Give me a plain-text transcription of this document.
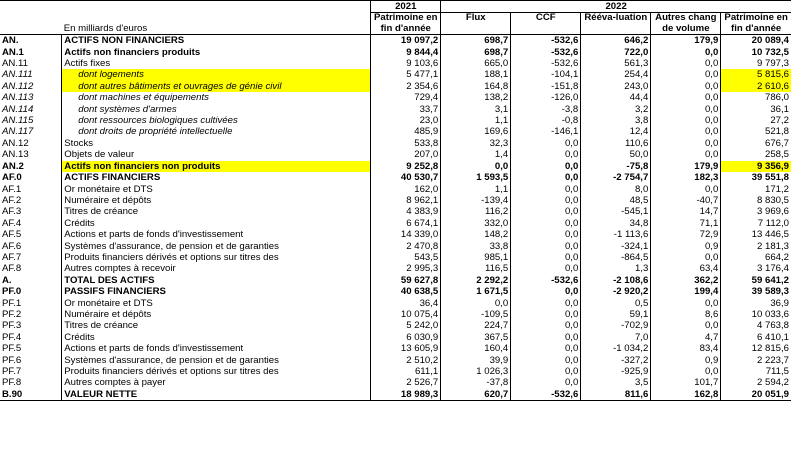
		2021	2022				
	En milliards d'euros	Patrimoine en fin d'année	Flux	CCF	Rééva-luation	Autres chang de volume	Patrimoine en fin d'année
AN.	ACTIFS NON FINANCIERS	19 097,2	698,7	-532,6	646,2	179,9	20 089,4
AN.1	Actifs non financiers produits	9 844,4	698,7	-532,6	722,0	0,0	10 732,5
AN.11	Actifs fixes	9 103,6	665,0	-532,6	561,3	0,0	9 797,3
AN.111	dont logements	5 477,1	188,1	-104,1	254,4	0,0	5 815,6
AN.112	dont autres bâtiments et ouvrages de génie civil	2 354,6	164,8	-151,8	243,0	0,0	2 610,6
AN.113	dont machines et équipements	729,4	138,2	-126,0	44,4	0,0	786,0
AN.114	dont systèmes d'armes	33,7	3,1	-3,8	3,2	0,0	36,1
AN.115	dont ressources biologiques cultivées	23,0	1,1	-0,8	3,8	0,0	27,2
AN.117	dont droits de propriété intellectuelle	485,9	169,6	-146,1	12,4	0,0	521,8
AN.12	Stocks	533,8	32,3	0,0	110,6	0,0	676,7
AN.13	Objets de valeur	207,0	1,4	0,0	50,0	0,0	258,5
AN.2	Actifs non financiers non produits	9 252,8	0,0	0,0	-75,8	179,9	9 356,9
AF.0	ACTIFS FINANCIERS	40 530,7	1 593,5	0,0	-2 754,7	182,3	39 551,8
AF.1	Or monétaire et DTS	162,0	1,1	0,0	8,0	0,0	171,2
AF.2	Numéraire et dépôts	8 962,1	-139,4	0,0	48,5	-40,7	8 830,5
AF.3	Titres de créance	4 383,9	116,2	0,0	-545,1	14,7	3 969,6
AF.4	Crédits	6 674,1	332,0	0,0	34,8	71,1	7 112,0
AF.5	Actions et parts de fonds d'investissement	14 339,0	148,2	0,0	-1 113,6	72,9	13 446,5
AF.6	Systèmes d'assurance, de pension et de garanties	2 470,8	33,8	0,0	-324,1	0,9	2 181,3
AF.7	Produits financiers dérivés et options sur titres des	543,5	985,1	0,0	-864,5	0,0	664,2
AF.8	Autres comptes à recevoir	2 995,3	116,5	0,0	1,3	63,4	3 176,4
A.	TOTAL DES ACTIFS	59 627,8	2 292,2	-532,6	-2 108,6	362,2	59 641,2
PF.0	PASSIFS FINANCIERS	40 638,5	1 671,5	0,0	-2 920,2	199,4	39 589,3
PF.1	Or monétaire et DTS	36,4	0,0	0,0	0,5	0,0	36,9
PF.2	Numéraire et dépôts	10 075,4	-109,5	0,0	59,1	8,6	10 033,6
PF.3	Titres de créance	5 242,0	224,7	0,0	-702,9	0,0	4 763,8
PF.4	Crédits	6 030,9	367,5	0,0	7,0	4,7	6 410,1
PF.5	Actions et parts de fonds d'investissement	13 605,9	160,4	0,0	-1 034,2	83,4	12 815,6
PF.6	Systèmes d'assurance, de pension et de garanties	2 510,2	39,9	0,0	-327,2	0,9	2 223,7
PF.7	Produits financiers dérivés et options sur titres des	611,1	1 026,3	0,0	-925,9	0,0	711,5
PF.8	Autres comptes à payer	2 526,7	-37,8	0,0	3,5	101,7	2 594,2
B.90	VALEUR NETTE	18 989,3	620,7	-532,6	811,6	162,8	20 051,9
